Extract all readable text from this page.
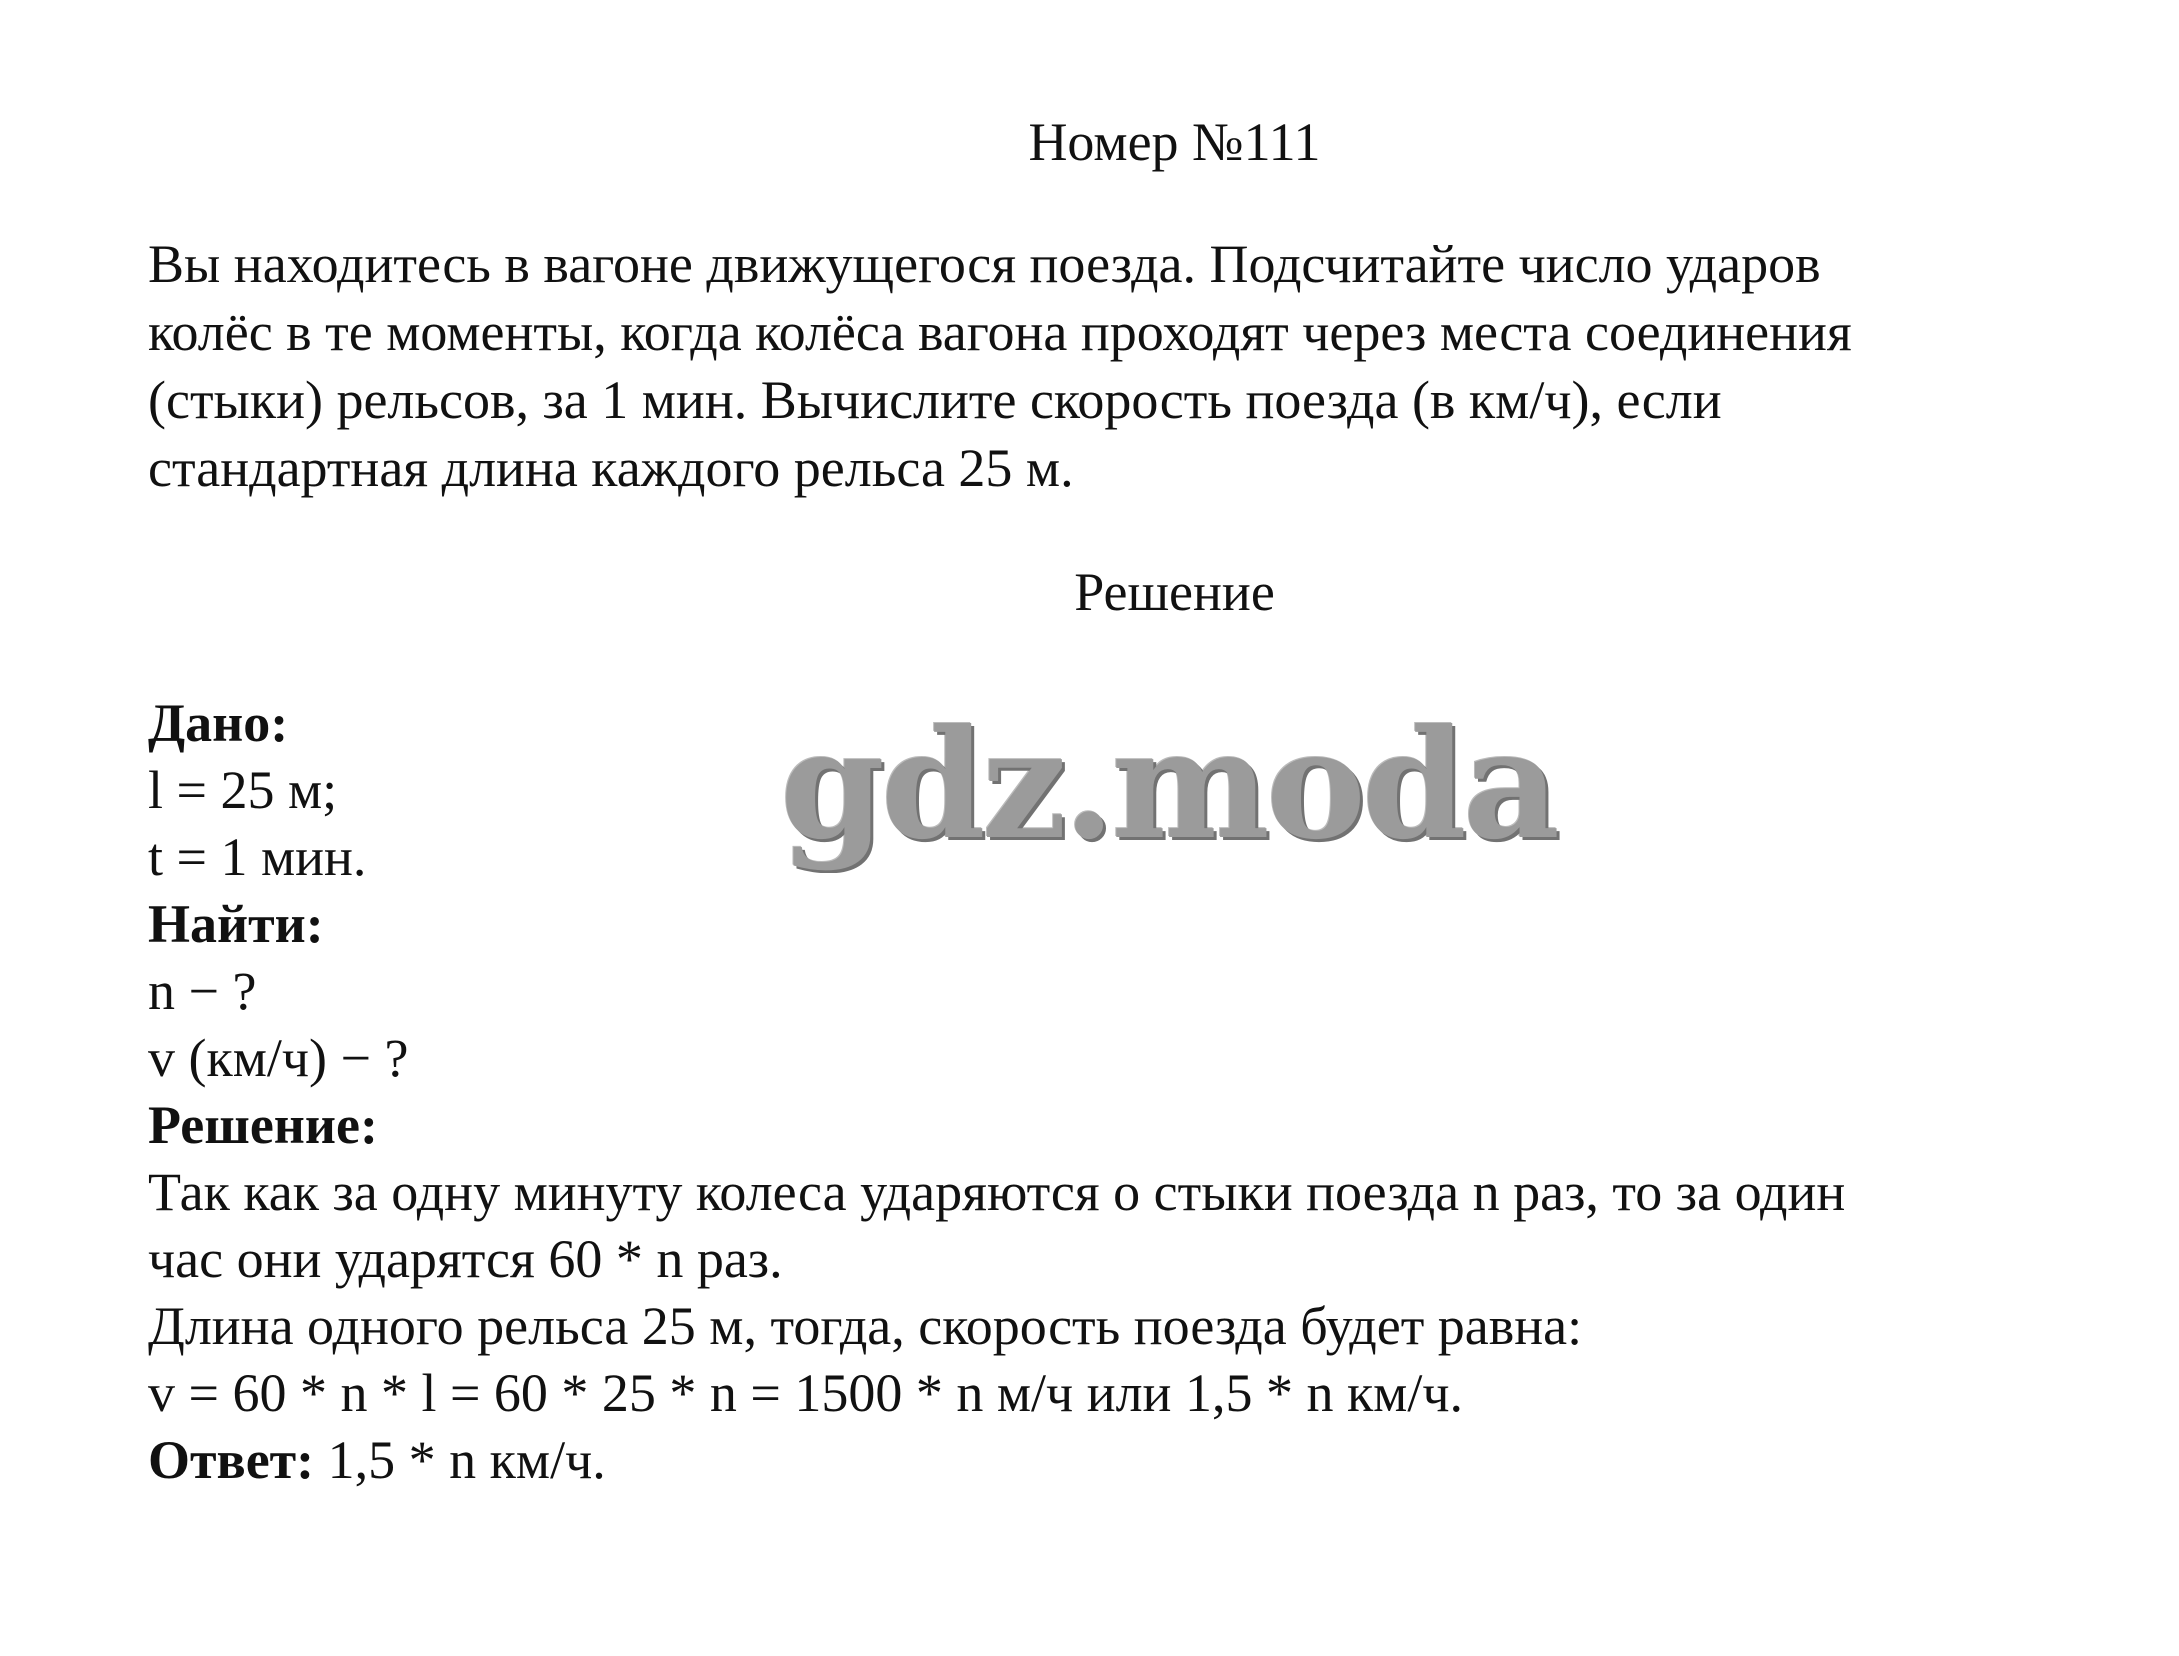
Номер №111
Вы находитесь в вагоне движущегося поезда. Подсчитайте число ударов
колёс в те моменты, когда колёса вагона проходят через места соединения
(стыки) рельсов, за 1 мин. Вычислите скорость поезда (в км/ч), если
стандартная длина каждого рельса 25 м.
Решение
gdz.moda
Дано:
l = 25 м;
t = 1 мин.
Найти:
n − ?
v (км/ч) − ?
Решение:
Так как за одну минуту колеса ударяются о стыки поезда n раз, то за один
час они ударятся 60 * n раз.
Длина одного рельса 25 м, тогда, скорость поезда будет равна:
v = 60 * n * l = 60 * 25 * n = 1500 * n м/ч или 1,5 * n км/ч.
Ответ: 1,5 * n км/ч.
